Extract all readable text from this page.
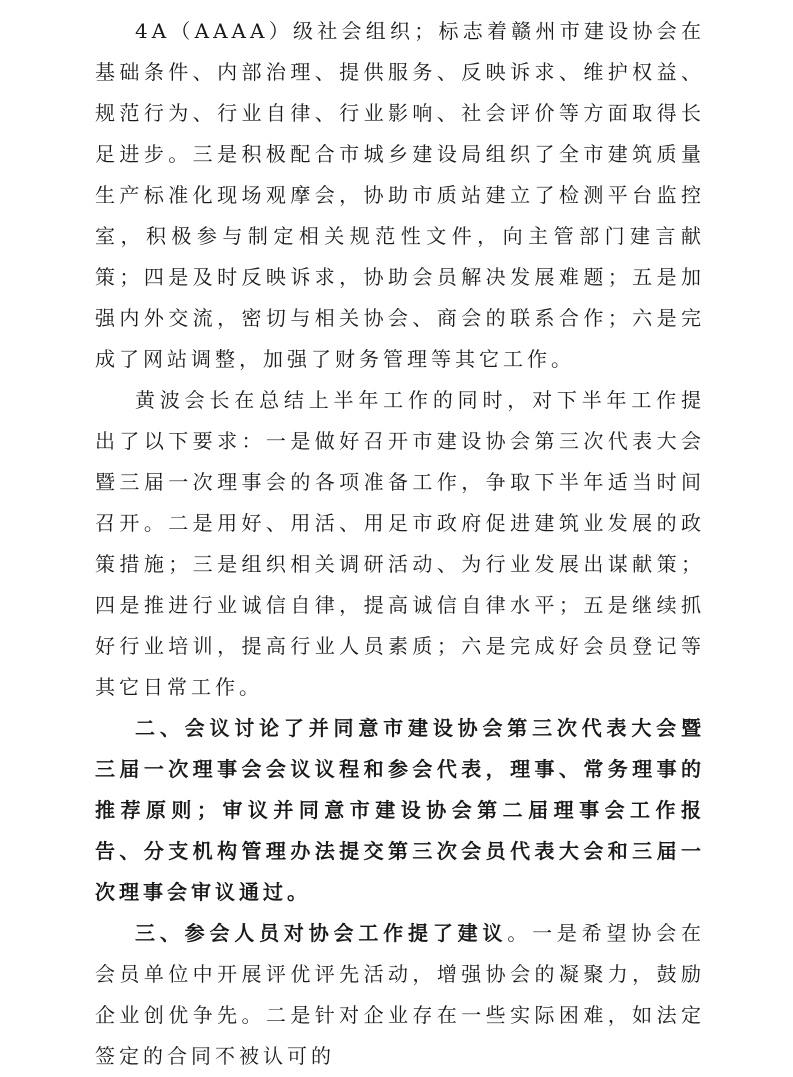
4A（AAAA）级社会组织；标志着赣州市建设协会在基础条件、内部治理、提供服务、反映诉求、维护权益、规范行为、行业自律、行业影响、社会评价等方面取得长足进步。三是积极配合市城乡建设局组织了全市建筑质量生产标准化现场观摩会，协助市质站建立了检测平台监控室，积极参与制定相关规范性文件，向主管部门建言献策；四是及时反映诉求，协助会员解决发展难题；五是加强内外交流，密切与相关协会、商会的联系合作；六是完成了网站调整，加强了财务管理等其它工作。

黄波会长在总结上半年工作的同时，对下半年工作提出了以下要求：一是做好召开市建设协会第三次代表大会暨三届一次理事会的各项准备工作，争取下半年适当时间召开。二是用好、用活、用足市政府促进建筑业发展的政策措施；三是组织相关调研活动、为行业发展出谋献策；四是推进行业诚信自律，提高诚信自律水平；五是继续抓好行业培训，提高行业人员素质；六是完成好会员登记等其它日常工作。

二、会议讨论了并同意市建设协会第三次代表大会暨三届一次理事会会议议程和参会代表，理事、常务理事的推荐原则；审议并同意市建设协会第二届理事会工作报告、分支机构管理办法提交第三次会员代表大会和三届一次理事会审议通过。

三、参会人员对协会工作提了建议。一是希望协会在会员单位中开展评优评先活动，增强协会的凝聚力，鼓励企业创优争先。二是针对企业存在一些实际困难，如法定签定的合同不被认可的
